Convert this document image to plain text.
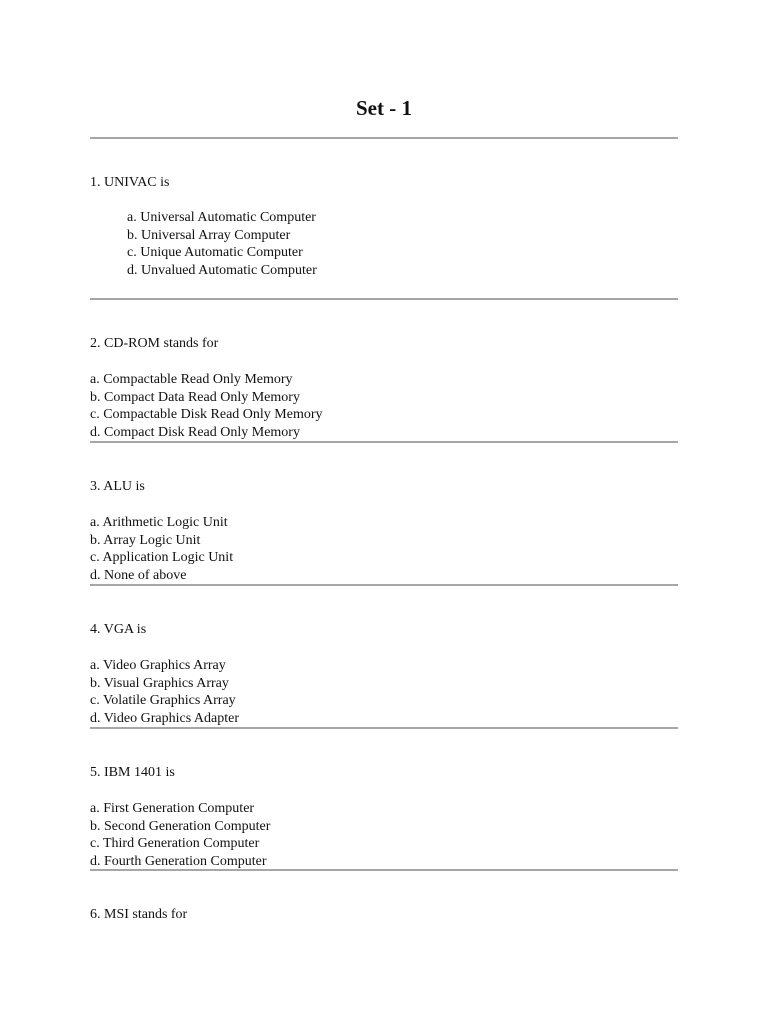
Set - 1
1. UNIVAC is
a. Universal Automatic Computer
b. Universal Array Computer
c. Unique Automatic Computer
d. Unvalued Automatic Computer
2. CD-ROM stands for
a. Compactable Read Only Memory
b. Compact Data Read Only Memory
c. Compactable Disk Read Only Memory
d. Compact Disk Read Only Memory
3. ALU is
a. Arithmetic Logic Unit
b. Array Logic Unit
c. Application Logic Unit
d. None of above
4. VGA is
a. Video Graphics Array
b. Visual Graphics Array
c. Volatile Graphics Array
d. Video Graphics Adapter
5. IBM 1401 is
a. First Generation Computer
b. Second Generation Computer
c. Third Generation Computer
d. Fourth Generation Computer
6. MSI stands for
